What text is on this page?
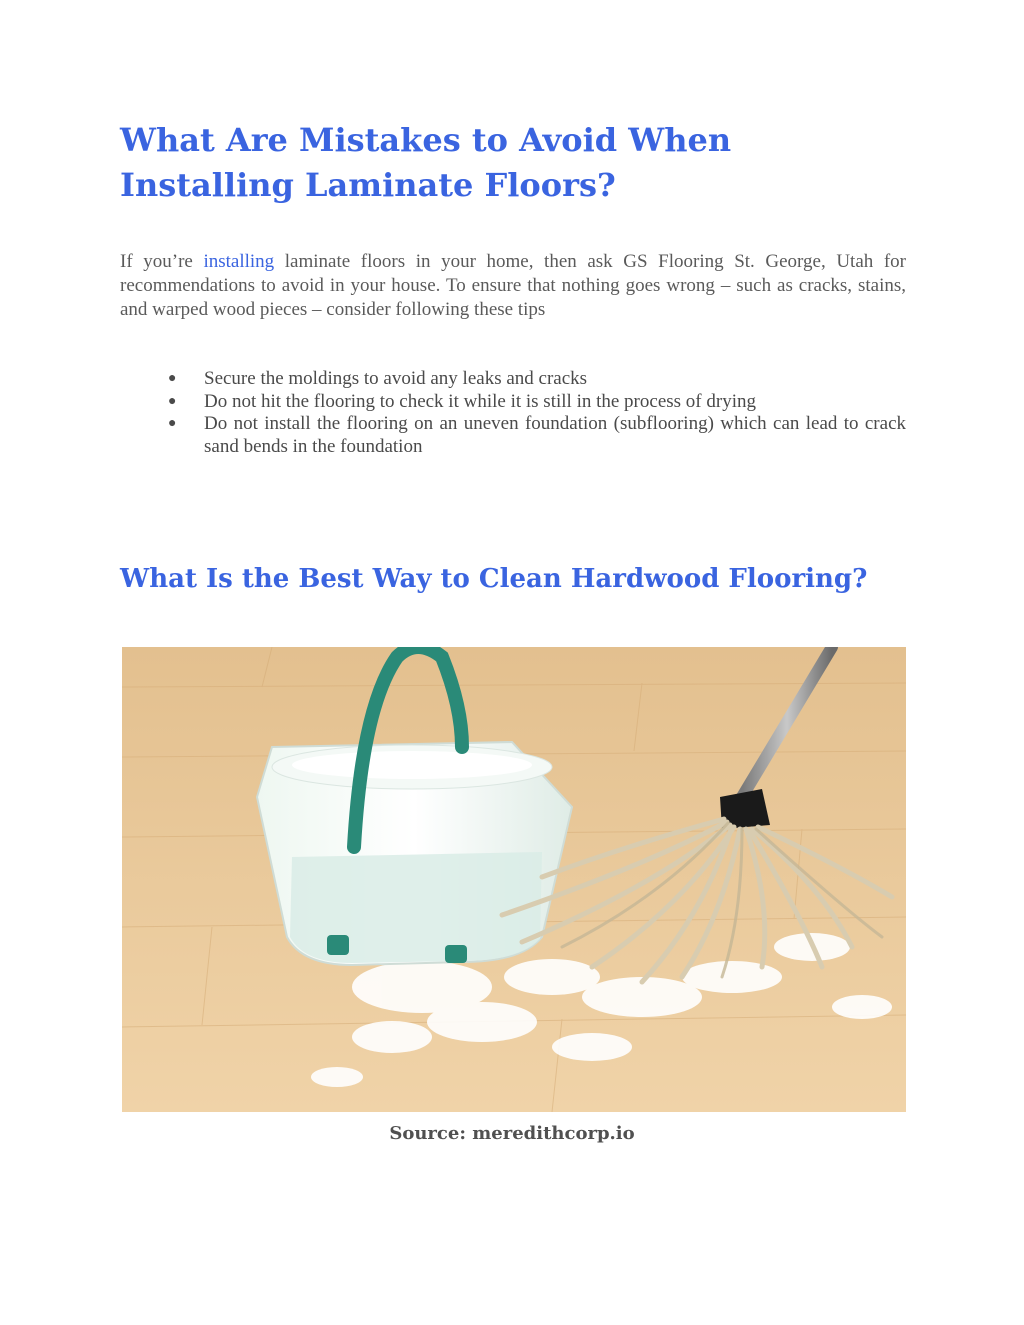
What Are Mistakes to Avoid When Installing Laminate Floors?

If you’re installing laminate floors in your home, then ask GS Flooring St. George, Utah for recommendations to avoid in your house. To ensure that nothing goes wrong – such as cracks, stains, and warped wood pieces – consider following these tips

● Secure the moldings to avoid any leaks and cracks
● Do not hit the flooring to check it while it is still in the process of drying
● Do not install the flooring on an uneven foundation (subflooring) which can lead to crack sand bends in the foundation
What Is the Best Way to Clean Hardwood Flooring?
Source: meredithcorp.io
